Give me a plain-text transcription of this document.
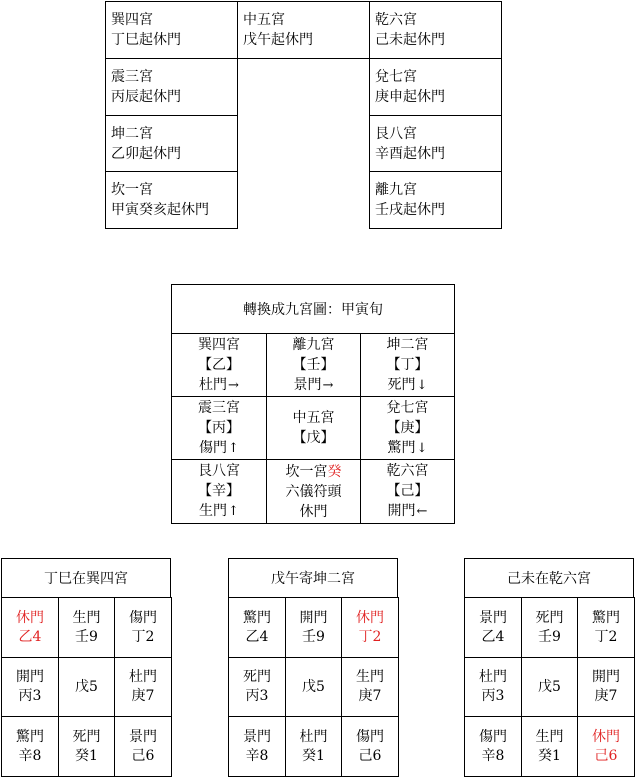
巽四宮
丁巳起休門
震三宮
丙辰起休門
坤二宮
乙卯起休門
坎一宮
甲寅癸亥起休門
中五宮
戊午起休門
乾六宮
己未起休門
兌七宮
庚申起休門
艮八宮
辛酉起休門
離九宮
壬戌起休門
轉換成九宮圖：甲寅旬
巽四宮
【乙】
杜門→
離九宮
【壬】
景門→
坤二宮
【丁】
死門↓
震三宮
【丙】
傷門↑
中五宮
【戊】
兌七宮
【庚】
驚門↓
艮八宮
【辛】
生門↑
坎一宮癸
六儀符頭
休門
乾六宮
【己】
開門←
丁巳在巽四宮
休門
乙4
生門
壬9
傷門
丁2
開門
丙3
戊5
杜門
庚7
驚門
辛8
死門
癸1
景門
己6
戊午寄坤二宮
驚門
乙4
開門
壬9
休門
丁2
死門
丙3
戊5
生門
庚7
景門
辛8
杜門
癸1
傷門
己6
己未在乾六宮
景門
乙4
死門
壬9
驚門
丁2
杜門
丙3
戊5
開門
庚7
傷門
辛8
生門
癸1
休門
己6
